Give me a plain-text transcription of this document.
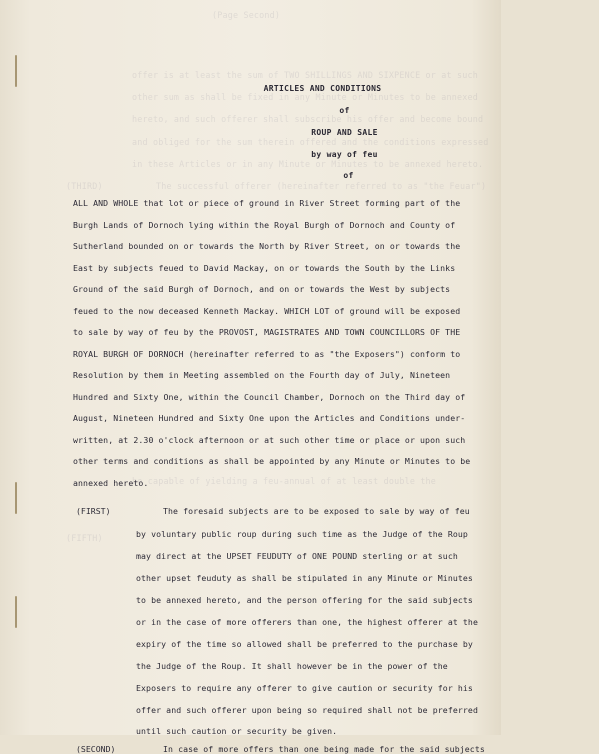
(Page Second)
offer is at least the sum of TWO SHILLINGS AND SIXPENCE or at such
other sum as shall be fixed in any Minute or Minutes to be annexed
hereto, and such offerer shall subscribe his offer and become bound
and obliged for the sum therein offered and the conditions expressed
in these Articles or in any Minute or Minutes to be annexed hereto.
(THIRD)	The successful offerer (hereinafter referred to as "the Feuar")
(FIFTH)
be capable of yielding a feu-annual of at least double the
ARTICLES AND CONDITIONS
of
ROUP AND SALE
by way of feu
of
ALL AND WHOLE that lot or piece of ground in River Street forming part of the
Burgh Lands of Dornoch lying within the Royal Burgh of Dornoch and County of
Sutherland bounded on or towards the North by River Street, on or towards the
East by subjects feued to David Mackay, on or towards the South by the Links
Ground of the said Burgh of Dornoch, and on or towards the West by subjects
feued to the now deceased Kenneth Mackay. WHICH LOT of ground will be exposed
to sale by way of feu by the PROVOST, MAGISTRATES AND TOWN COUNCILLORS OF THE
ROYAL BURGH OF DORNOCH (hereinafter referred to as "the Exposers") conform to
Resolution by them in Meeting assembled on the Fourth day of July, Nineteen
Hundred and Sixty One, within the Council Chamber, Dornoch on the Third day of
August, Nineteen Hundred and Sixty One upon the Articles and Conditions under-
written, at 2.30 o'clock afternoon or at such other time or place or upon such
other terms and conditions as shall be appointed by any Minute or Minutes to be
annexed hereto.
(FIRST)	The foresaid subjects are to be exposed to sale by way of feu
by voluntary public roup during such time as the Judge of the Roup
may direct at the UPSET FEUDUTY of ONE POUND sterling or at such
other upset feuduty as shall be stipulated in any Minute or Minutes
to be annexed hereto, and the person offering for the said subjects
or in the case of more offerers than one, the highest offerer at the
expiry of the time so allowed shall be preferred to the purchase by
the Judge of the Roup. It shall however be in the power of the
Exposers to require any offerer to give caution or security for his
offer and such offerer upon being so required shall not be preferred
until such caution or security be given.
(SECOND)	In case of more offers than one being made for the said subjects
